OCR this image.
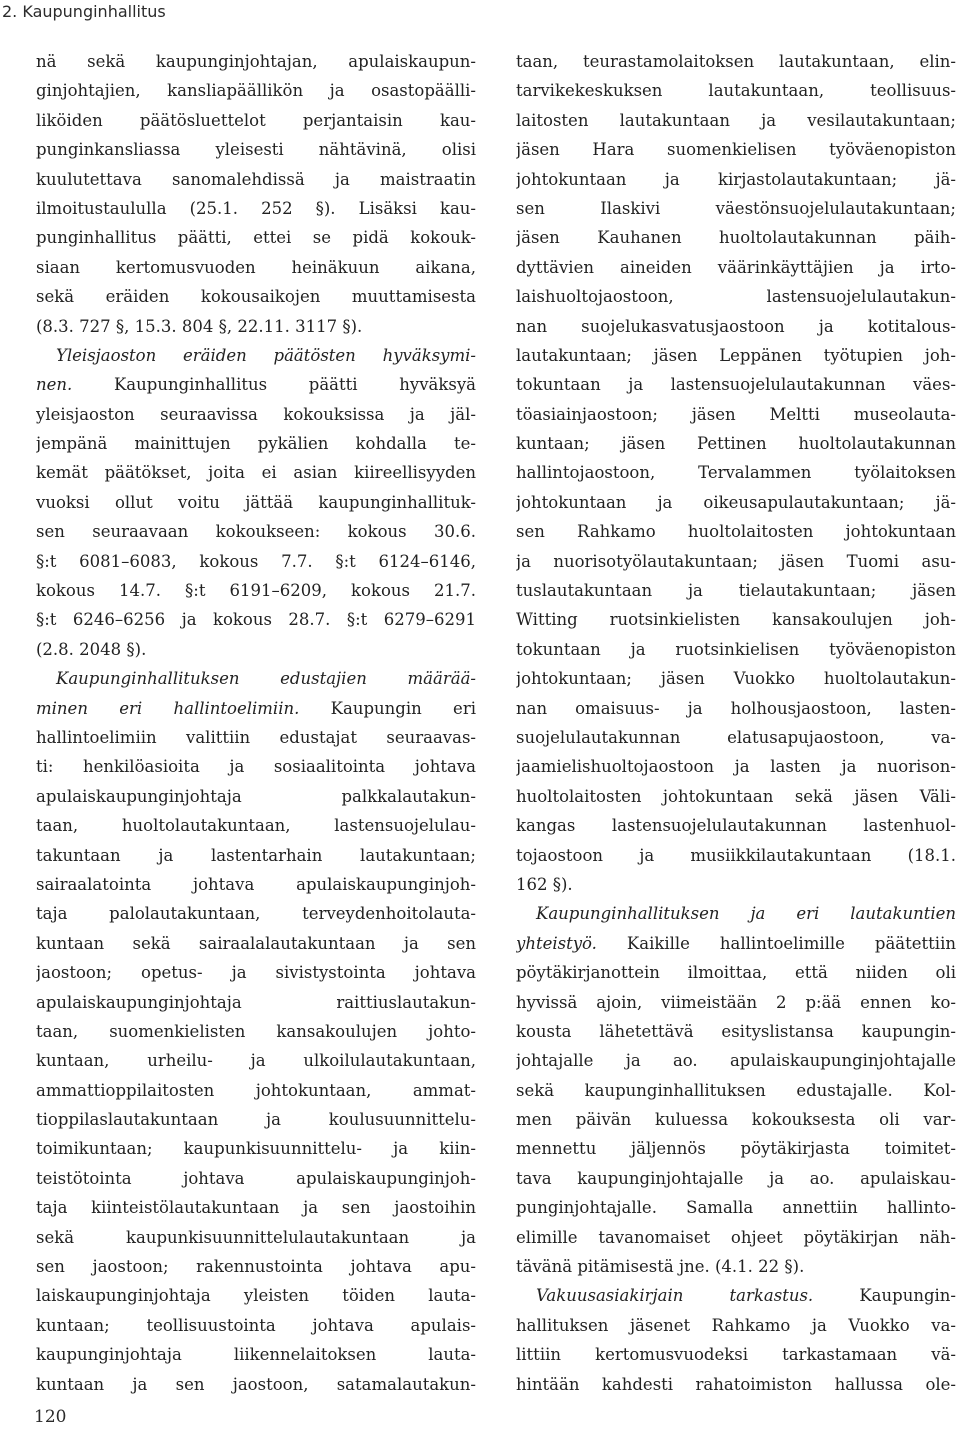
2. Kaupunginhallitus
nä sekä kaupunginjohtajan, apulaiskaupun-
ginjohtajien, kansliapäällikön ja osastopäälli-
liköiden päätösluettelot perjantaisin kau-
punginkansliassa yleisesti nähtävinä, olisi
kuulutettava sanomalehdissä ja maistraatin
ilmoitustaululla (25.1. 252 §). Lisäksi kau-
punginhallitus päätti, ettei se pidä kokouk-
siaan kertomusvuoden heinäkuun aikana,
sekä eräiden kokousaikojen muuttamisesta
(8.3. 727 §, 15.3. 804 §, 22.11. 3117 §).
Yleisjaoston eräiden päätösten hyväksymi-
nen. Kaupunginhallitus päätti hyväksyä
yleisjaoston seuraavissa kokouksissa ja jäl-
jempänä mainittujen pykälien kohdalla te-
kemät päätökset, joita ei asian kiireellisyyden
vuoksi ollut voitu jättää kaupunginhallituk-
sen seuraavaan kokoukseen: kokous 30.6.
§:t 6081–6083, kokous 7.7. §:t 6124–6146,
kokous 14.7. §:t 6191–6209, kokous 21.7.
§:t 6246–6256 ja kokous 28.7. §:t 6279–6291
(2.8. 2048 §).
Kaupunginhallituksen edustajien määrää-
minen eri hallintoelimiin. Kaupungin eri
hallintoelimiin valittiin edustajat seuraavas-
ti: henkilöasioita ja sosiaalitointa johtava
apulaiskaupunginjohtaja palkkalautakun-
taan, huoltolautakuntaan, lastensuojelulau-
takuntaan ja lastentarhain lautakuntaan;
sairaalatointa johtava apulaiskaupunginjoh-
taja palolautakuntaan, terveydenhoitolauta-
kuntaan sekä sairaalalautakuntaan ja sen
jaostoon; opetus- ja sivistystointa johtava
apulaiskaupunginjohtaja raittiuslautakun-
taan, suomenkielisten kansakoulujen johto-
kuntaan, urheilu- ja ulkoilulautakuntaan,
ammattioppilaitosten johtokuntaan, ammat-
tioppilaslautakuntaan ja koulusuunnittelu-
toimikuntaan; kaupunkisuunnittelu- ja kiin-
teistötointa johtava apulaiskaupunginjoh-
taja kiinteistölautakuntaan ja sen jaostoihin
sekä kaupunkisuunnittelulautakuntaan ja
sen jaostoon; rakennustointa johtava apu-
laiskaupunginjohtaja yleisten töiden lauta-
kuntaan; teollisuustointa johtava apulais-
kaupunginjohtaja liikennelaitoksen lauta-
kuntaan ja sen jaostoon, satamalautakun-
taan, teurastamolaitoksen lautakuntaan, elin-
tarvikekeskuksen lautakuntaan, teollisuus-
laitosten lautakuntaan ja vesilautakuntaan;
jäsen Hara suomenkielisen työväenopiston
johtokuntaan ja kirjastolautakuntaan; jä-
sen Ilaskivi väestönsuojelulautakuntaan;
jäsen Kauhanen huoltolautakunnan päih-
dyttävien aineiden väärinkäyttäjien ja irto-
laishuoltojaostoon, lastensuojelulautakun-
nan suojelukasvatusjaostoon ja kotitalous-
lautakuntaan; jäsen Leppänen työtupien joh-
tokuntaan ja lastensuojelulautakunnan väes-
töasiainjaostoon; jäsen Meltti museolauta-
kuntaan; jäsen Pettinen huoltolautakunnan
hallintojaostoon, Tervalammen työlaitoksen
johtokuntaan ja oikeusapulautakuntaan; jä-
sen Rahkamo huoltolaitosten johtokuntaan
ja nuorisotyölautakuntaan; jäsen Tuomi asu-
tuslautakuntaan ja tielautakuntaan; jäsen
Witting ruotsinkielisten kansakoulujen joh-
tokuntaan ja ruotsinkielisen työväenopiston
johtokuntaan; jäsen Vuokko huoltolautakun-
nan omaisuus- ja holhousjaostoon, lasten-
suojelulautakunnan elatusapujaostoon, va-
jaamielishuoltojaostoon ja lasten ja nuorison-
huoltolaitosten johtokuntaan sekä jäsen Väli-
kangas lastensuojelulautakunnan lastenhuol-
tojaostoon ja musiikkilautakuntaan (18.1.
162 §).
Kaupunginhallituksen ja eri lautakuntien
yhteistyö. Kaikille hallintoelimille päätettiin
pöytäkirjanottein ilmoittaa, että niiden oli
hyvissä ajoin, viimeistään 2 p:ää ennen ko-
kousta lähetettävä esityslistansa kaupungin-
johtajalle ja ao. apulaiskaupunginjohtajalle
sekä kaupunginhallituksen edustajalle. Kol-
men päivän kuluessa kokouksesta oli var-
mennettu jäljennös pöytäkirjasta toimitet-
tava kaupunginjohtajalle ja ao. apulaiskau-
punginjohtajalle. Samalla annettiin hallinto-
elimille tavanomaiset ohjeet pöytäkirjan näh-
tävänä pitämisestä jne. (4.1. 22 §).
Vakuusasiakirjain tarkastus. Kaupungin-
hallituksen jäsenet Rahkamo ja Vuokko va-
littiin kertomusvuodeksi tarkastamaan vä-
hintään kahdesti rahatoimiston hallussa ole-
120
